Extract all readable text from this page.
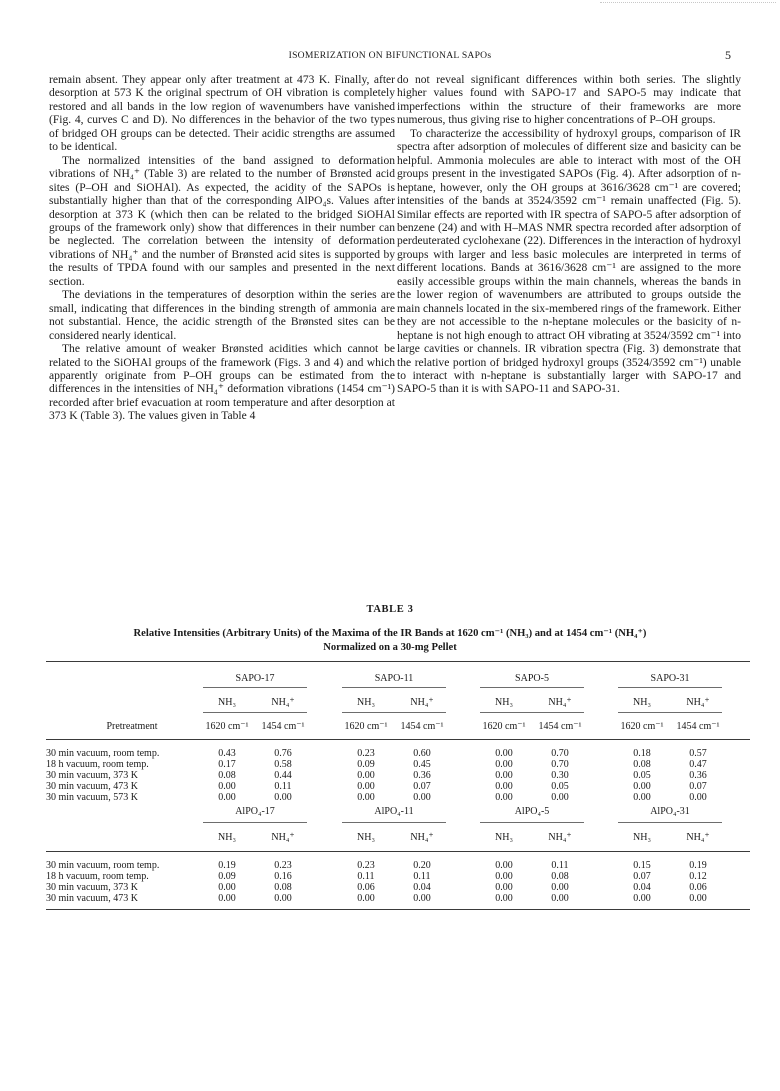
ISOMERIZATION ON BIFUNCTIONAL SAPOs	5

remain absent. They appear only after treatment at 473 K. Finally, after desorption at 573 K the original spectrum of OH vibration is completely restored and all bands in the low region of wavenumbers have vanished (Fig. 4, curves C and D). No differences in the behavior of the two types of bridged OH groups can be detected. Their acidic strengths are assumed to be identical.

The normalized intensities of the band assigned to deformation vibrations of NH₄⁺ (Table 3) are related to the number of Brønsted acid sites (P–OH and SiOHAl). As expected, the acidity of the SAPOs is substantially higher than that of the corresponding AlPO₄s. Values after desorption at 373 K (which then can be related to the bridged SiOHAl groups of the framework only) show that differences in their number can be neglected. The correlation between the intensity of deformation vibrations of NH₄⁺ and the number of Brønsted acid sites is supported by the results of TPDA found with our samples and presented in the next section.

The deviations in the temperatures of desorption within the series are small, indicating that differences in the binding strength of ammonia are not substantial. Hence, the acidic strength of the Brønsted sites can be considered nearly identical.

The relative amount of weaker Brønsted acidities which cannot be related to the SiOHAl groups of the framework (Figs. 3 and 4) and which apparently originate from P–OH groups can be estimated from the differences in the intensities of NH₄⁺ deformation vibrations (1454 cm⁻¹) recorded after brief evacuation at room temperature and after desorption at 373 K (Table 3). The values given in Table 4

do not reveal significant differences within both series. The slightly higher values found with SAPO-17 and SAPO-5 may indicate that imperfections within the structure of their frameworks are more numerous, thus giving rise to higher concentrations of P–OH groups.

To characterize the accessibility of hydroxyl groups, comparison of IR spectra after adsorption of molecules of different size and basicity can be helpful. Ammonia molecules are able to interact with most of the OH groups present in the investigated SAPOs (Fig. 4). After adsorption of n-heptane, however, only the OH groups at 3616/3628 cm⁻¹ are covered; intensities of the bands at 3524/3592 cm⁻¹ remain unaffected (Fig. 5). Similar effects are reported with IR spectra of SAPO-5 after adsorption of benzene (24) and with H–MAS NMR spectra recorded after adsorption of perdeuterated cyclohexane (22). Differences in the interaction of hydroxyl groups with larger and less basic molecules are interpreted in terms of different locations. Bands at 3616/3628 cm⁻¹ are assigned to the more easily accessible groups within the main channels, whereas the bands in the lower region of wavenumbers are attributed to groups outside the main channels located in the six-membered rings of the framework. Either they are not accessible to the n-heptane molecules or the basicity of n-heptane is not high enough to attract OH vibrating at 3524/3592 cm⁻¹ into large cavities or channels. IR vibration spectra (Fig. 3) demonstrate that the relative portion of bridged hydroxyl groups (3524/3592 cm⁻¹) unable to interact with n-heptane is substantially larger with SAPO-17 and SAPO-5 than it is with SAPO-11 and SAPO-31.

TABLE 3
Relative Intensities (Arbitrary Units) of the Maxima of the IR Bands at 1620 cm⁻¹ (NH₃) and at 1454 cm⁻¹ (NH₄⁺)
Normalized on a 30-mg Pellet
SAPO-17	SAPO-11	SAPO-5	SAPO-31
NH₃	NH₄⁺	NH₃	NH₄⁺	NH₃	NH₄⁺	NH₃	NH₄⁺
Pretreatment	1620 cm⁻¹ 1454 cm⁻¹	1620 cm⁻¹ 1454 cm⁻¹	1620 cm⁻¹ 1454 cm⁻¹	1620 cm⁻¹ 1454 cm⁻¹
30 min vacuum, room temp.	0.43	0.76	0.23	0.60	0.00	0.70	0.18	0.57
18 h vacuum, room temp.	0.17	0.58	0.09	0.45	0.00	0.70	0.08	0.47
30 min vacuum, 373 K	0.08	0.44	0.00	0.36	0.00	0.30	0.05	0.36
30 min vacuum, 473 K	0.00	0.11	0.00	0.07	0.00	0.05	0.00	0.07
30 min vacuum, 573 K	0.00	0.00	0.00	0.00	0.00	0.00	0.00	0.00
AlPO₄-17	AlPO₄-11	AlPO₄-5	AlPO₄-31
NH₃	NH₄⁺	NH₃	NH₄⁺	NH₃	NH₄⁺	NH₃	NH₄⁺
30 min vacuum, room temp.	0.19	0.23	0.23	0.20	0.00	0.11	0.15	0.19
18 h vacuum, room temp.	0.09	0.16	0.11	0.11	0.00	0.08	0.07	0.12
30 min vacuum, 373 K	0.00	0.08	0.06	0.04	0.00	0.00	0.04	0.06
30 min vacuum, 473 K	0.00	0.00	0.00	0.00	0.00	0.00	0.00	0.00
